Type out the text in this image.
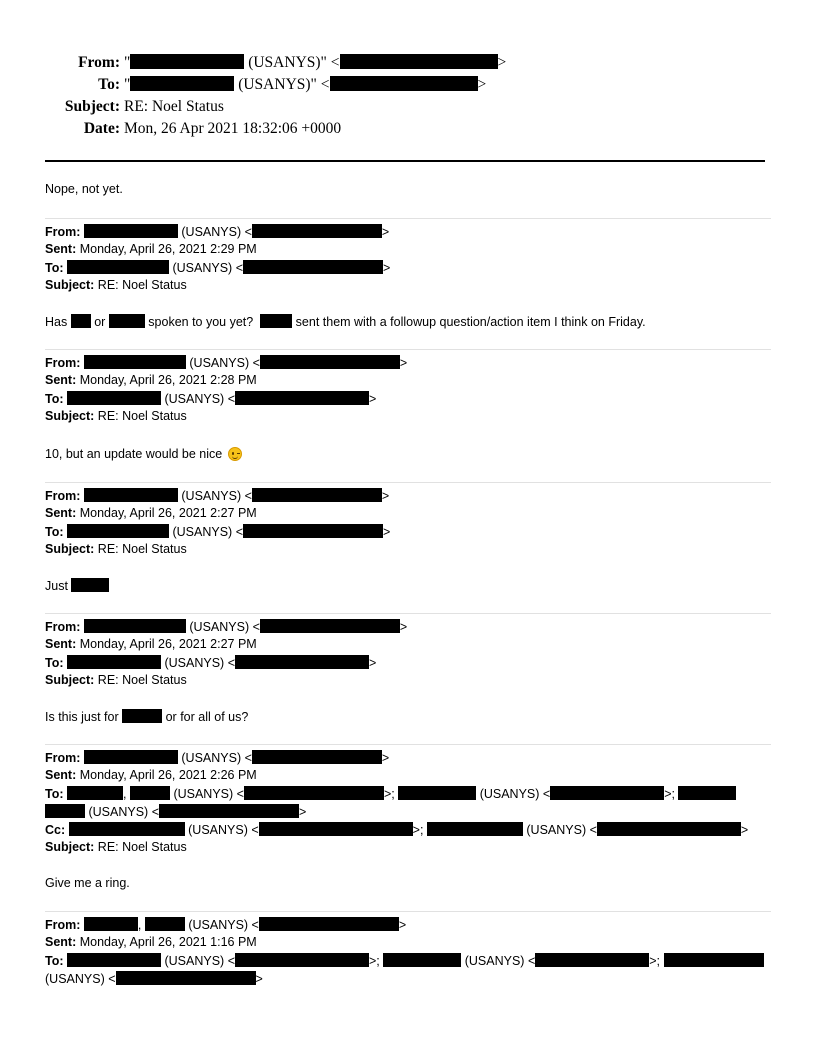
From: "	(USANYS)" <	>
To: "	(USANYS)" <	>
Subject: RE: Noel Status
Date: Mon, 26 Apr 2021 18:32:06 +0000
Nope, not yet.
From:	(USANYS) <	>
Sent: Monday, April 26, 2021 2:29 PM
To:	(USANYS) <	>
Subject: RE: Noel Status
Has or	spoken to you yet?	sent them with a followup question/action item I think on Friday.
From:	(USANYS) <	>
Sent: Monday, April 26, 2021 2:28 PM
To:	(USANYS) <	>
Subject: RE: Noel Status
10, but an update would be nice
From:	(USANYS) <	>
Sent: Monday, April 26, 2021 2:27 PM
To:	(USANYS) <	>
Subject: RE: Noel Status
Just
From:	(USANYS) <	>
Sent: Monday, April 26, 2021 2:27 PM
To:	(USANYS) <	>
Subject: RE: Noel Status
Is this just for	or for all of us?
From:	(USANYS) <	>
Sent: Monday, April 26, 2021 2:26 PM
To:	,	(USANYS) <	>;	(USANYS) <	>;
(USANYS) <	>
Cc:	(USANYS) <	>;	(USANYS) <	>
Subject: RE: Noel Status
Give me a ring.
From:	,	(USANYS) <	>
Sent: Monday, April 26, 2021 1:16 PM
To:	(USANYS) <	>;	(USANYS) <	>;
(USANYS) <	>
